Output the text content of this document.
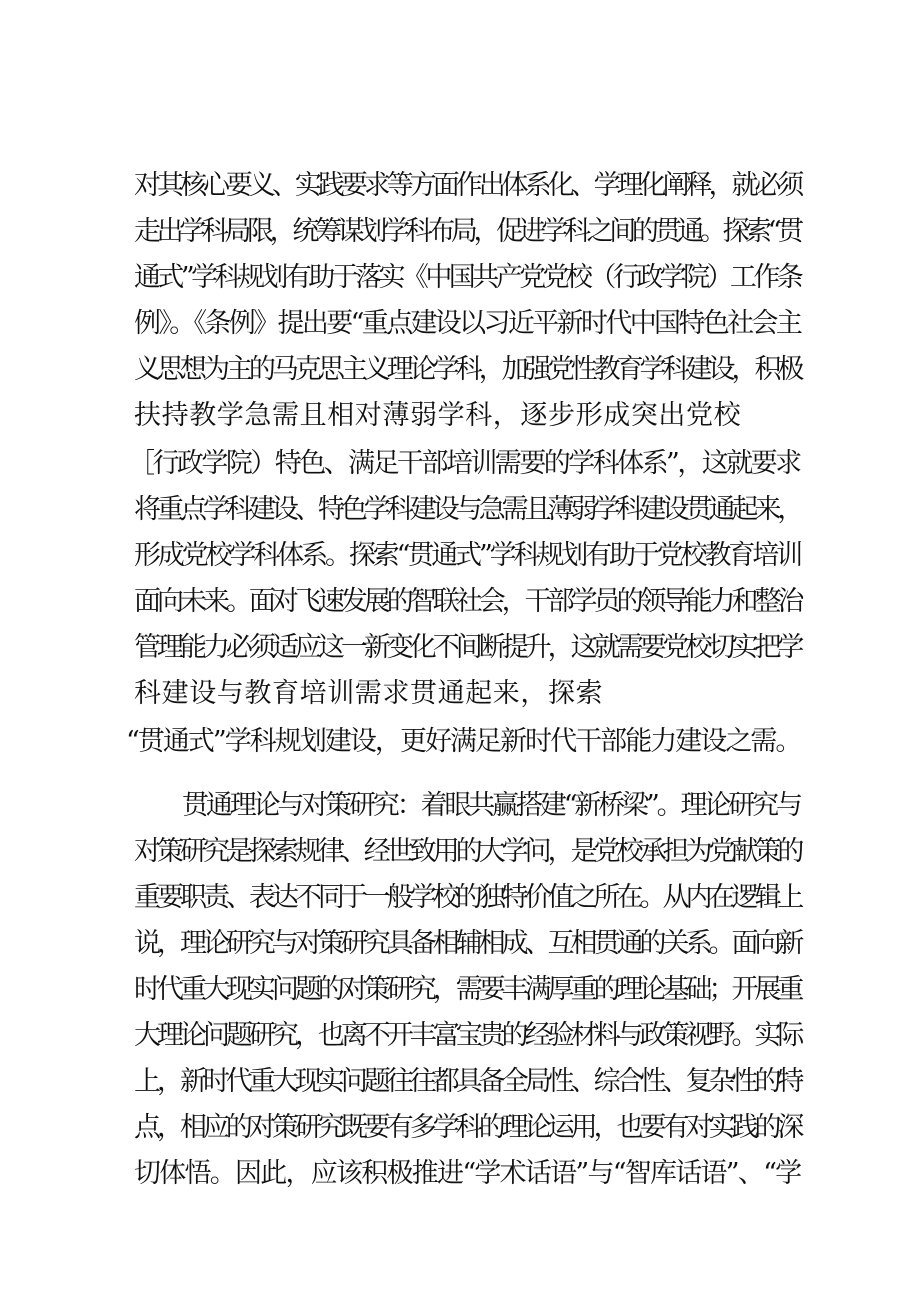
对其核心要义、实践要求等方面作出体系化、学理化阐释，就必须
走出学科局限，统筹谋划学科布局，促进学科之间的贯通。探索“贯
通式”学科规划有助于落实《中国共产党党校（行政学院）工作条
例》。《条例》提出要“重点建设以习近平新时代中国特色社会主
义思想为主的马克思主义理论学科，加强党性教育学科建设，积极
扶持教学急需且相对薄弱学科，逐步形成突出党校
［行政学院）特色、满足干部培训需要的学科体系”，这就要求
将重点学科建设、特色学科建设与急需且薄弱学科建设贯通起来，
形成党校学科体系。探索“贯通式”学科规划有助于党校教育培训
面向未来。面对飞速发展的智联社会，干部学员的领导能力和整治
管理能力必须适应这一新变化不间断提升，这就需要党校切实把学
科建设与教育培训需求贯通起来，探索
“贯通式”学科规划建设，更好满足新时代干部能力建设之需。
贯通理论与对策研究：着眼共赢搭建“新桥梁”。理论研究与
对策研究是探索规律、经世致用的大学问，是党校承担为党献策的
重要职责、表达不同于一般学校的独特价值之所在。从内在逻辑上
说，理论研究与对策研究具备相辅相成、互相贯通的关系。面向新
时代重大现实问题的对策研究，需要丰满厚重的理论基础；开展重
大理论问题研究，也离不开丰富宝贵的经验材料与政策视野。实际
上，新时代重大现实问题往往都具备全局性、综合性、复杂性的特
点，相应的对策研究既要有多学科的理论运用，也要有对实践的深
切体悟。因此，应该积极推进“学术话语”与“智库话语”、“学
